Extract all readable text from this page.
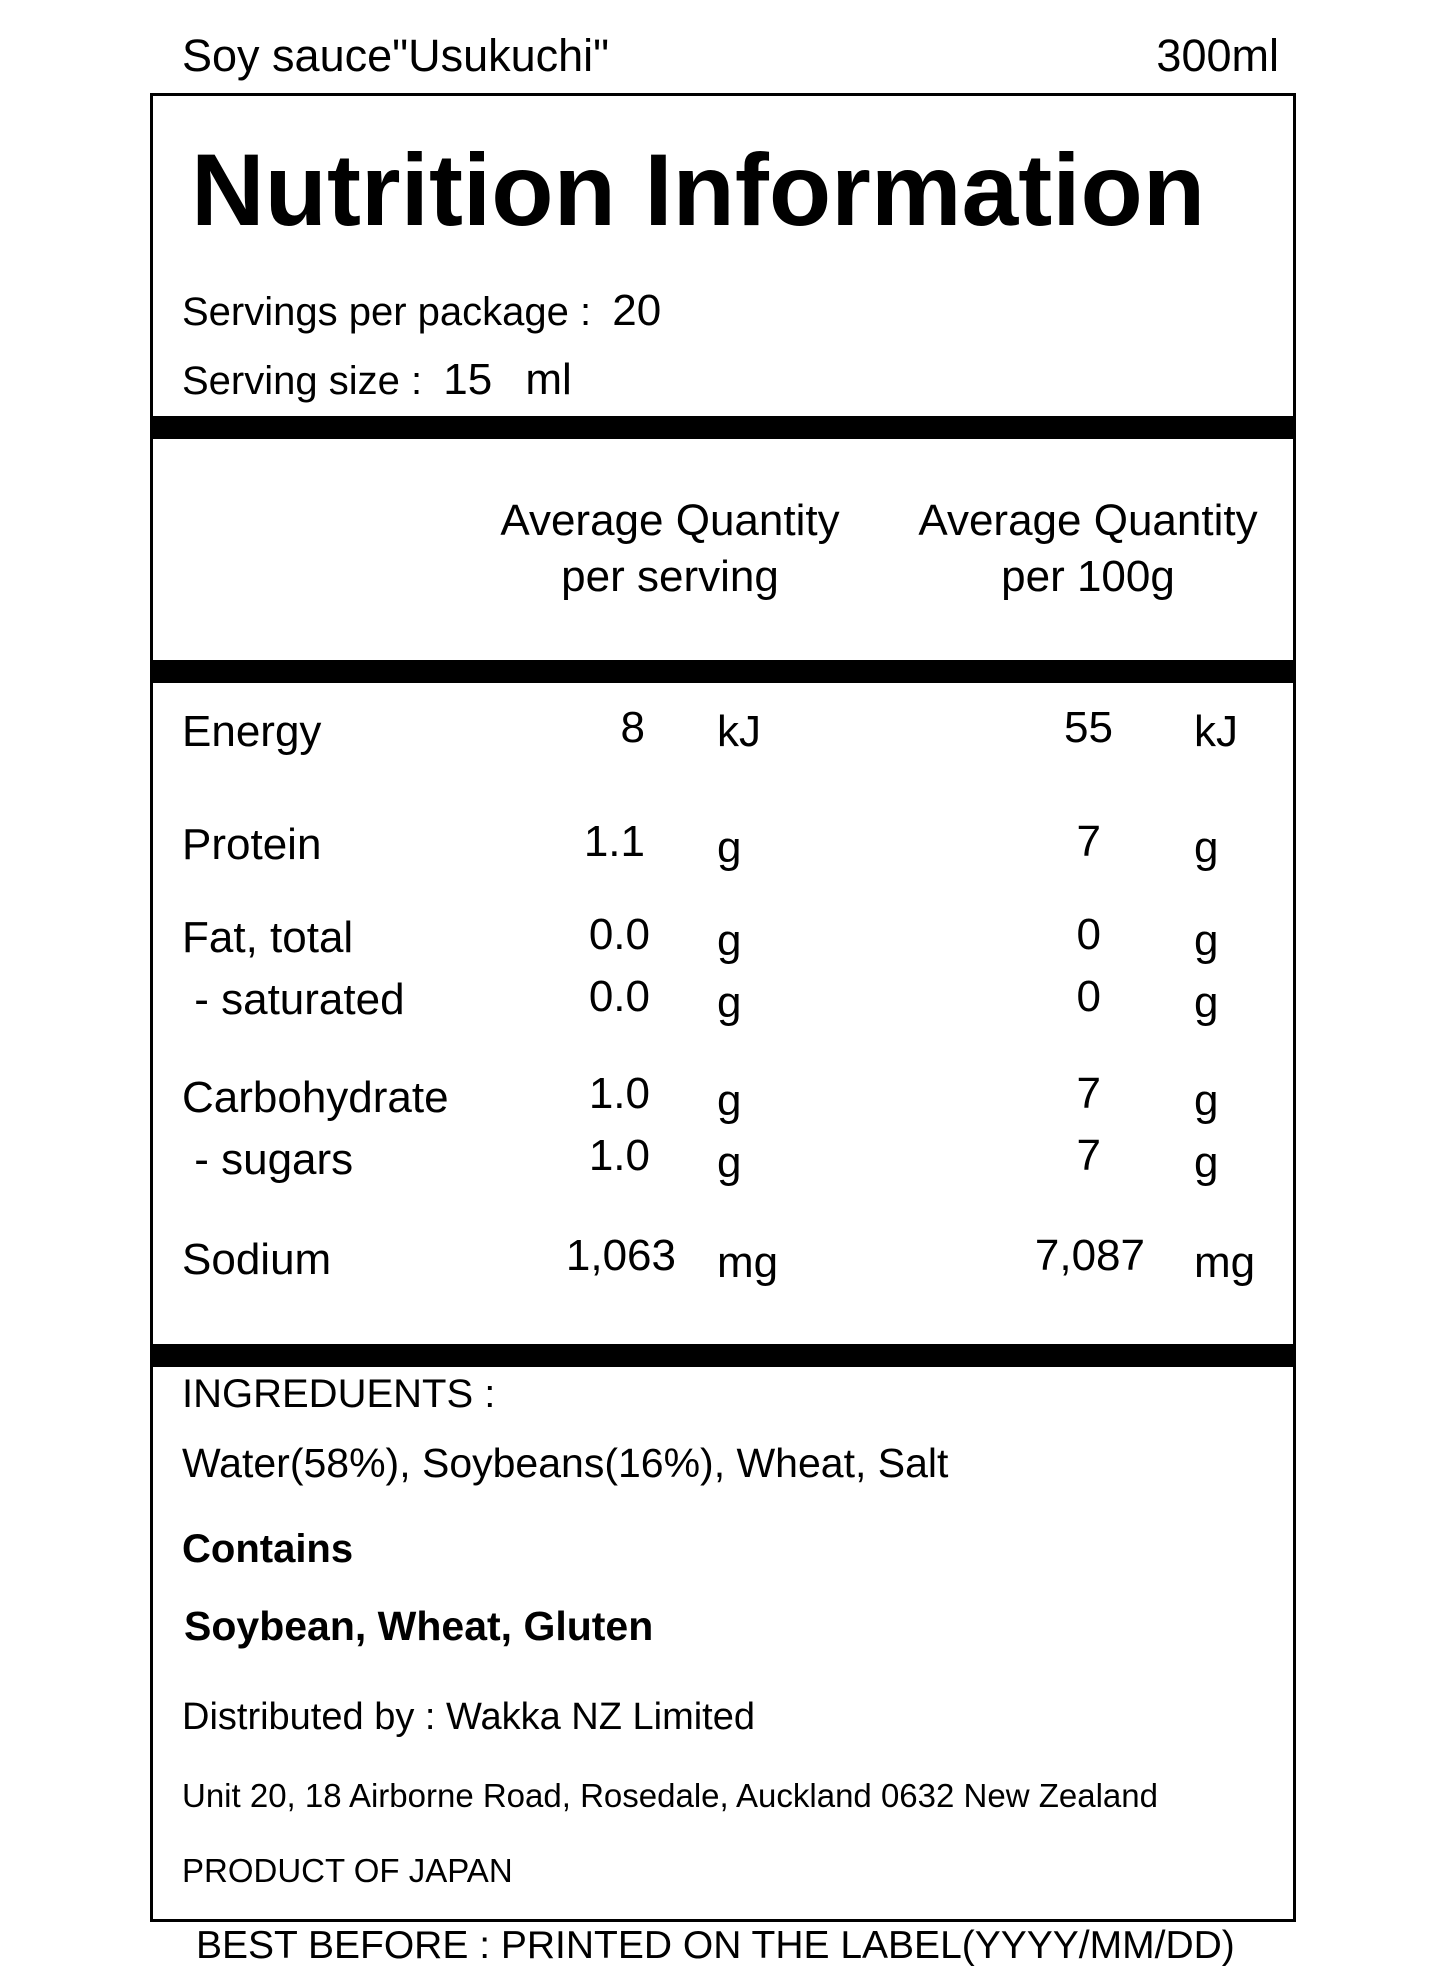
Soy sauce"Usukuchi"	300ml
Nutrition Information
Servings per package : 20
Serving size : 15 ml
Average Quantity
per serving
Average Quantity
per 100g
Energy	8 kJ	55 kJ
Protein	1.1 g	7 g
Fat, total	0.0 g	0 g
- saturated	0.0 g	0 g
Carbohydrate	1.0 g	7 g
- sugars	1.0 g	7 g
Sodium	1,063 mg	7,087 mg
INGREDUENTS :
Water(58%), Soybeans(16%), Wheat, Salt
Contains
Soybean, Wheat, Gluten
Distributed by : Wakka NZ Limited
Unit 20, 18 Airborne Road, Rosedale, Auckland 0632 New Zealand
PRODUCT OF JAPAN
BEST BEFORE : PRINTED ON THE LABEL(YYYY/MM/DD)
